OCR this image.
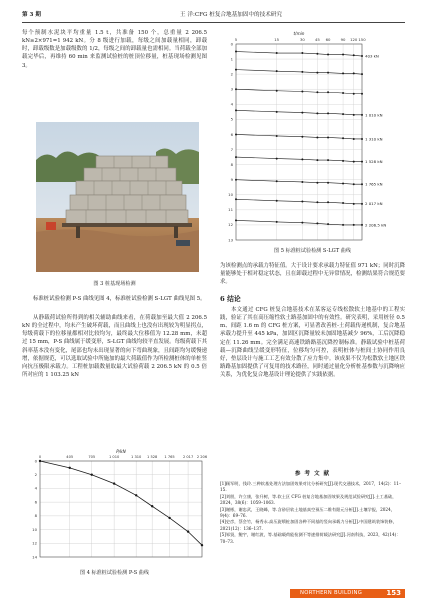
第 3 期	王 洋:CFG 桩复合地基加固中的技术研究
每个预制水泥块平均重量 1.5 t，共准备 150 个，总重量 2 206.5 kN≥2×971=1 942 kN。分 8 级进行加载，每级之间加载量相同，卸载时，卸载级数是加载级数的 1/2，每级之间的卸载量也需相同。当荷载全部加载完毕后，再维持 60 min 来监测试验桩的桩顶位移量，桩基现场检测见图 3。
图 3 桩基现场检测
标准桩试验检测 P-S 曲线见图 4，标准桩试验检测 S-LGT 曲线见图 5。
从静载荷试验所得到的相关辅助曲线来看，在荷载加至最大值 2 206.5 kN 的全过程中，均未产生破坏荷载，而且曲线上也没有出现较为明显拐点，每级荷载下的位移量都相对比较均匀，最终最大位移值为 12.28 mm，未超过 15 mm，P-S 曲线属于缓变形，S-LGT 曲线均较平直发展。每级荷载下其斜率基本没有变化，尾部也均未出现显著的向下弯曲现象，且间距均匀缓慢递增，依据规范，可以选取试验中所施加的最大荷载值作为所检测桩体的单桩竖向抗压极限承载力。工程桩加载数量取最大试验荷载 2 206.5 kN 的 0.5 倍所对应的 1 103.25 kN
0	405	705	1 010	1 310 1 528 1 765 2 017 2 206
0
2
4
6
8
10
12
14
P/kN
图 4 标准桩试验检测 P-S 曲线
5	15	30	45 60	90 120 150
0
1
2
3
4
5
6
7
8
9
10
11
12
13
t/min
403 kN
1 010 kN
1 310 kN
1 528 kN
1 765 kN
2 017 kN
2 206.5 kN
图 5 标准桩试验检测 S-LGT 曲线
为该检测点的承载力特征值。大于设计要求承载力特征值 971 kN；同时沉降量能够处于相对稳定状态，且在卸载过程中无异常情况，检测结果符合规范要求。
6 结论
本文通过 CFG 桩复合地基技术在某客运专线松散软土地基中的工程实践，验证了其在高压缩性软土路基加固中的有效性。研究表明，采用桩径 0.5 m、间距 1.6 m 的 CFG 桩方案，可显著改善桩-土荷载传递机制，复合地基承载力提升至 445 kPa，加固区沉降量较未加固地基减少 96%，工后沉降稳定在 11.26 mm。完全满足高速铁路路基沉降控制标准。静载试验中桩基荷载—沉降曲线呈缓变形特征，位移均匀可控，表明桩体与桩间土协同作用良好，垫层设计与施工工艺有效分散了应力集中。该成果不仅为松散软土地区铁路路基加固提供了可复用的技术路径，同时通过量化分析桩基参数与沉降响应关系，为优化复合地基设计理论提供了实践依据。
参 考 文 献
[1]顾军明，钱玲.三种软基处理方法加固效果对比分析研究[J].现代交通技术，2017，14(2)：11–15.
[2]刘朋，许立康，张升树，等.软土区 CFG 桩复合地基加固效果及规范试验研究[J].土工基础，2024，38(6)：1059–1063.
[3]谢彬，谢忠武，王晓峰，等.含砂层软土地基真空预压二维有限元分析[J].土壤学报，2024，9(4)：69–76.
[4]史彦，蔡会竹，杨秀永.高压旋喷桩加固各种不同基的竖向承载力分析[J].中国建筑装饰装修，2021(12)：136–137.
[5]邹贤，鲍宇，谢红波，等.基础载荷能检测不等速排荷载法研究[J].河南科技，2023，42(14)：70–73.
NORTHERN BUILDING	153
